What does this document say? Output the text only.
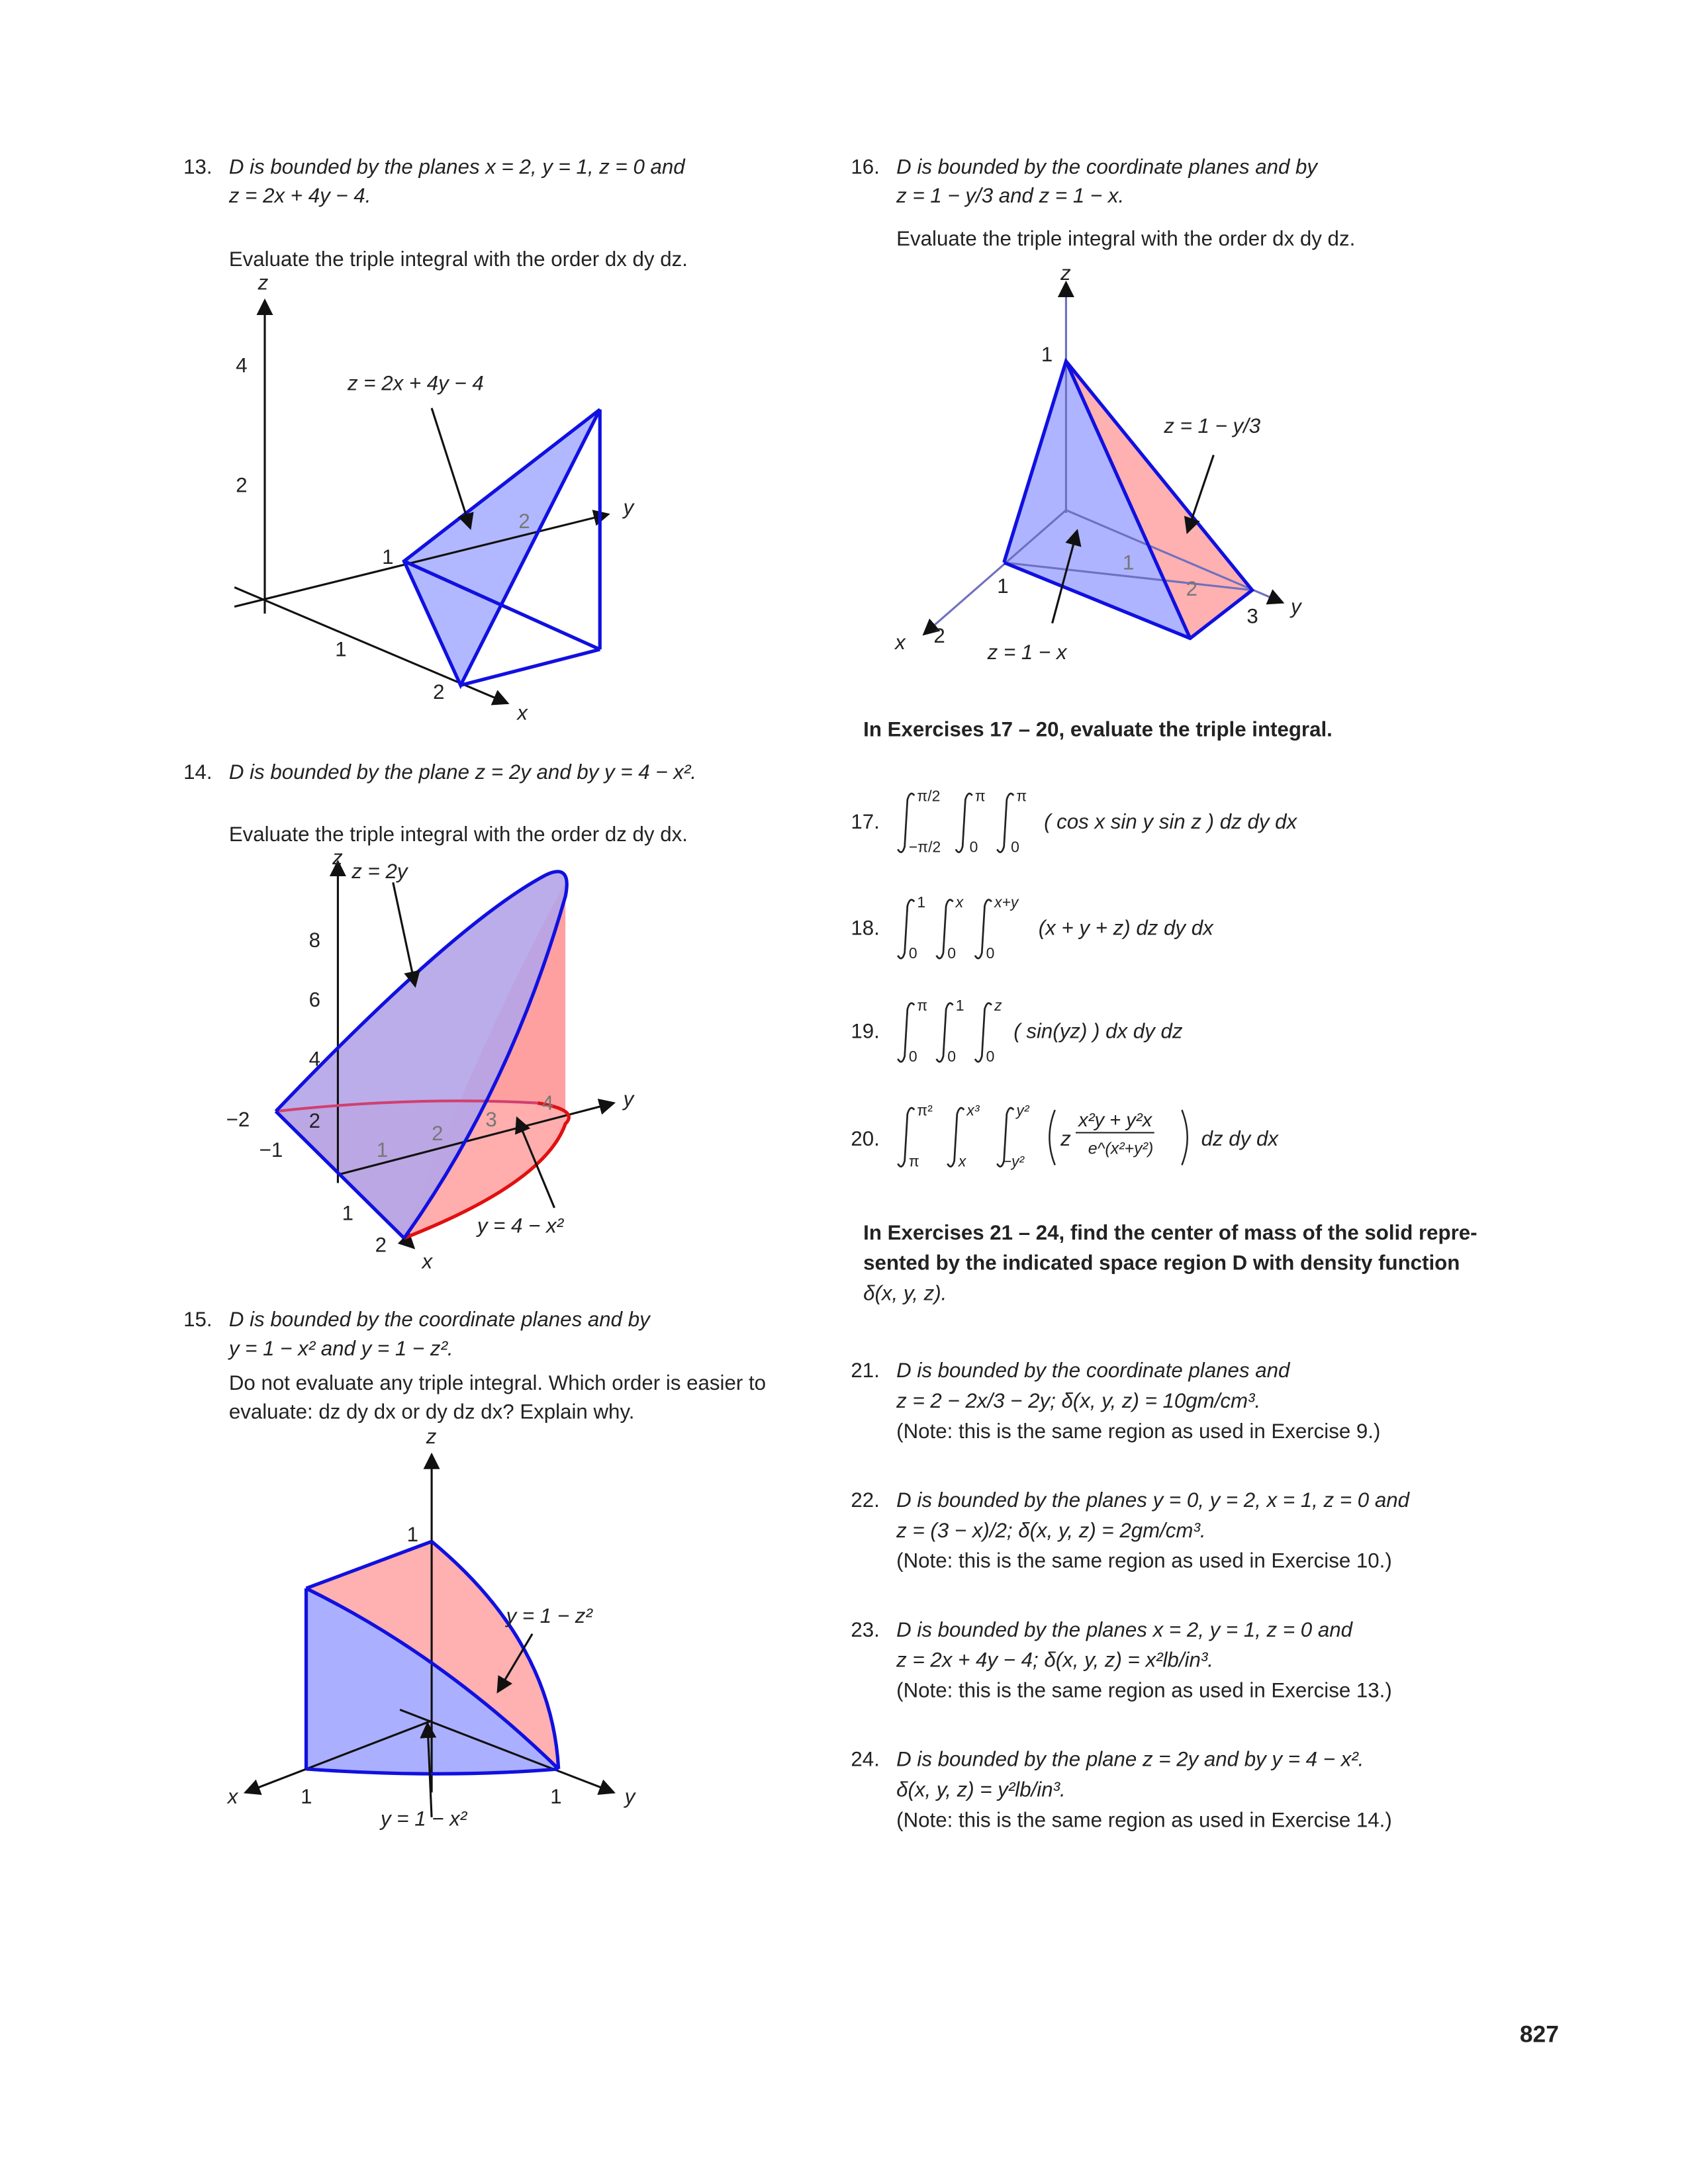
13. D is bounded by the planes x = 2, y = 1, z = 0 and
z = 2x + 4y − 4.
Evaluate the triple integral with the order dx dy dz.
z
4
2
1
2
x
y
1
2
z = 2x + 4y − 4
14. D is bounded by the plane z = 2y and by y = 4 − x².
Evaluate the triple integral with the order dz dy dx.
z
z = 2y
8
6
4
2
−2
−1
1
2
x
1
2
3
4	y
y = 4 − x²
15. D is bounded by the coordinate planes and by
y = 1 − x² and y = 1 − z².
Do not evaluate any triple integral. Which order is easier to
evaluate: dz dy dx or dy dz dx? Explain why.
z
1
y = 1 − z²
x	1	1	y
y = 1 − x²
16. D is bounded by the coordinate planes and by
z = 1 − y/3 and z = 1 − x.
Evaluate the triple integral with the order dx dy dz.
z
1
z = 1 − y/3
1
2
3	y
1
2
x	z = 1 − x
In Exercises 17 – 20, evaluate the triple integral.
17.
π/2
−π/2
π
0
π
0
( cos x sin y sin z ) dz dy dx
18.
1
0
x
0
x+y
0
(x + y + z) dz dy dx
19.
π
0
1
0
z
0
( sin(yz) ) dx dy dz
20.
π²
π
x³
x
y²
−y²
z
x²y + y²x
e^(x²+y²)	dz dy dx
In Exercises 21 – 24, find the center of mass of the solid repre-
sented by the indicated space region D with density function
δ(x, y, z).
21. D is bounded by the coordinate planes and
z = 2 − 2x/3 − 2y; δ(x, y, z) = 10gm/cm³.
(Note: this is the same region as used in Exercise 9.)
22. D is bounded by the planes y = 0, y = 2, x = 1, z = 0 and
z = (3 − x)/2; δ(x, y, z) = 2gm/cm³.
(Note: this is the same region as used in Exercise 10.)
23. D is bounded by the planes x = 2, y = 1, z = 0 and
z = 2x + 4y − 4; δ(x, y, z) = x²lb/in³.
(Note: this is the same region as used in Exercise 13.)
24. D is bounded by the plane z = 2y and by y = 4 − x².
δ(x, y, z) = y²lb/in³.
(Note: this is the same region as used in Exercise 14.)
827
